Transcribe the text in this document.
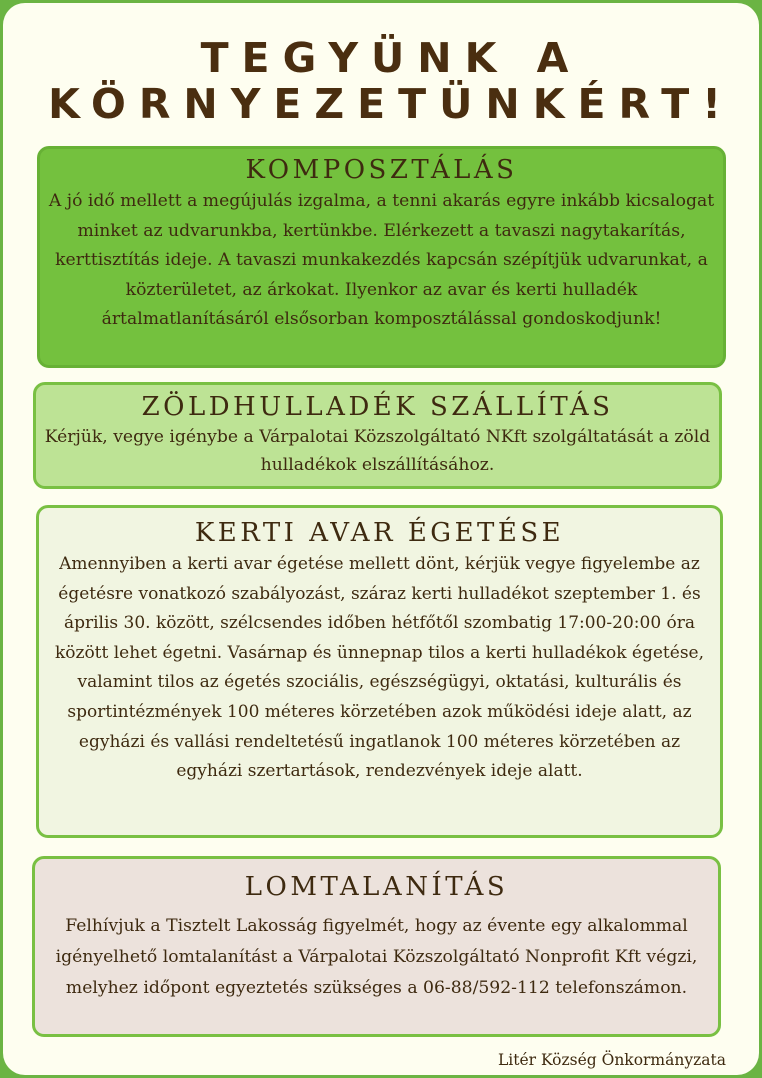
TEGYÜNK A
KÖRNYEZETÜNKÉRT!
KOMPOSZTÁLÁS

A jó idő mellett a megújulás izgalma, a tenni akarás egyre inkább kicsalogat minket az udvarunkba, kertünkbe. Elérkezett a tavaszi nagytakarítás, kerttisztítás ideje. A tavaszi munkakezdés kapcsán szépítjük udvarunkat, a közterületet, az árkokat. Ilyenkor az avar és kerti hulladék ártalmatlanításáról elsősorban komposztálással gondoskodjunk!

ZÖLDHULLADÉK SZÁLLÍTÁS

Kérjük, vegye igénybe a Várpalotai Közszolgáltató NKft szolgáltatását a zöld hulladékok elszállításához.

KERTI AVAR ÉGETÉSE

Amennyiben a kerti avar égetése mellett dönt, kérjük vegye figyelembe az égetésre vonatkozó szabályozást, száraz kerti hulladékot szeptember 1. és április 30. között, szélcsendes időben hétfőtől szombatig 17:00-20:00 óra között lehet égetni. Vasárnap és ünnepnap tilos a kerti hulladékok égetése, valamint tilos az égetés szociális, egészségügyi, oktatási, kulturális és sportintézmények 100 méteres körzetében azok működési ideje alatt, az egyházi és vallási rendeltetésű ingatlanok 100 méteres körzetében az egyházi szertartások, rendezvények ideje alatt.

LOMTALANÍTÁS

Felhívjuk a Tisztelt Lakosság figyelmét, hogy az évente egy alkalommal igényelhető lomtalanítást a Várpalotai Közszolgáltató Nonprofit Kft végzi, melyhez időpont egyeztetés szükséges a 06-88/592-112 telefonszámon.

Litér Község Önkormányzata
